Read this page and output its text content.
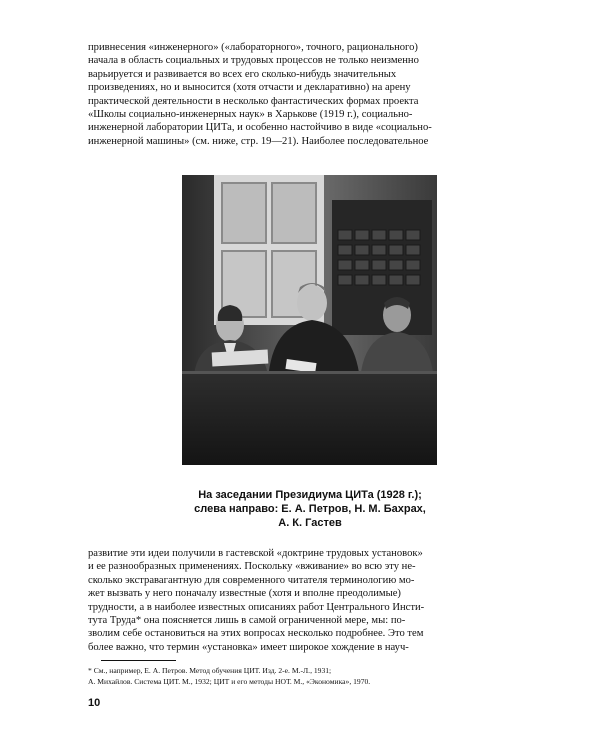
привнесения «инженерного» («лабораторного», точного, рационального)
начала в область социальных и трудовых процессов не только неизменно
варьируется и развивается во всех его сколько-нибудь значительных
произведениях, но и выносится (хотя отчасти и декларативно) на арену
практической деятельности в несколько фантастических формах проекта
«Школы социально-инженерных наук» в Харькове (1919 г.), социально-
инженерной лаборатории ЦИТа, и особенно настойчиво в виде «социально-
инженерной машины» (см. ниже, стр. 19—21). Наиболее последовательное
На заседании Президиума ЦИТа (1928 г.);
слева направо: Е. А. Петров, Н. М. Бахрах,
А. К. Гастев
развитие эти идеи получили в гастевской «доктрине трудовых установок»
и ее разнообразных применениях. Поскольку «вживание» во всю эту не-
сколько экстравагантную для современного читателя терминологию мо-
жет вызвать у него поначалу известные (хотя и вполне преодолимые)
трудности, а в наиболее известных описаниях работ Центрального Инсти-
тута Труда* она поясняется лишь в самой ограниченной мере, мы: по-
зволим себе остановиться на этих вопросах несколько подробнее. Это тем
более важно, что термин «установка» имеет широкое хождение в науч-
* См., например, Е. А. Петров. Метод обучения ЦИТ. Изд. 2-е. М.-Л., 1931;
А. Михайлов. Система ЦИТ. М., 1932; ЦИТ и его методы НОТ. М., «Экономика», 1970.
10
